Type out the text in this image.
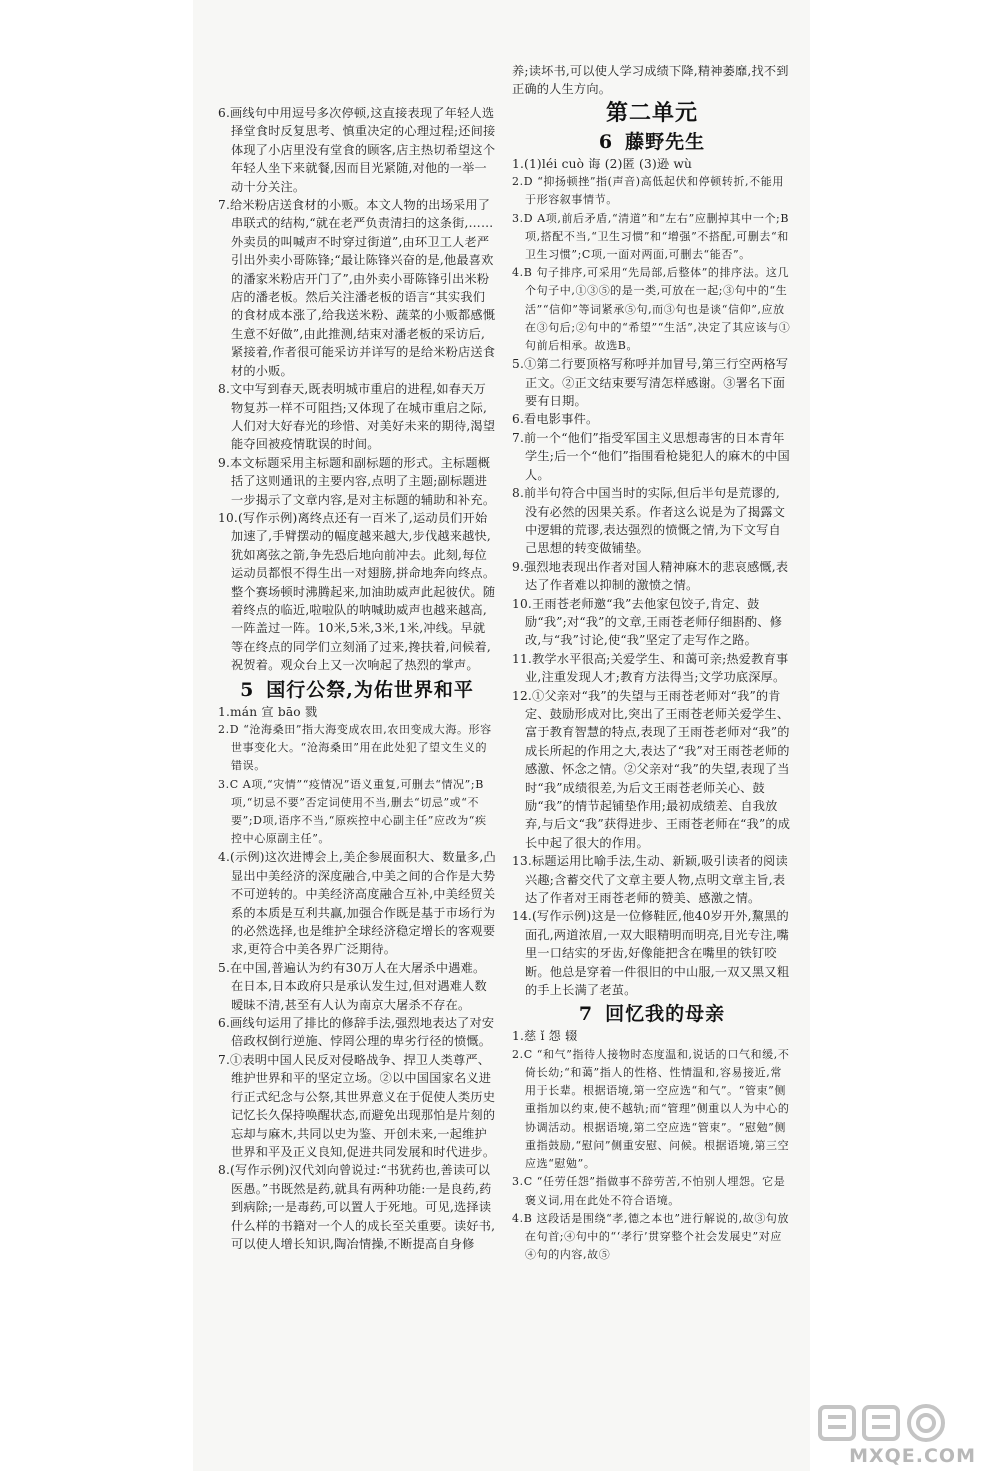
6.画线句中用逗号多次停顿,这直接表现了年轻人选择堂食时反复思考、慎重决定的心理过程;还间接体现了小店里没有堂食的顾客,店主热切希望这个年轻人坐下来就餐,因而目光紧随,对他的一举一动十分关注。
7.给米粉店送食材的小贩。本文人物的出场采用了串联式的结构,“就在老严负责清扫的这条街,……外卖员的叫喊声不时穿过街道”,由环卫工人老严引出外卖小哥陈锋;“最让陈锋兴奋的是,他最喜欢的潘家米粉店开门了”,由外卖小哥陈锋引出米粉店的潘老板。然后关注潘老板的语言“其实我们的食材成本涨了,给我送米粉、蔬菜的小贩都感慨生意不好做”,由此推测,结束对潘老板的采访后,紧接着,作者很可能采访并详写的是给米粉店送食材的小贩。
8.文中写到春天,既表明城市重启的进程,如春天万物复苏一样不可阻挡;又体现了在城市重启之际,人们对大好春光的珍惜、对美好未来的期待,渴望能夺回被疫情耽误的时间。
9.本文标题采用主标题和副标题的形式。主标题概括了这则通讯的主要内容,点明了主题;副标题进一步揭示了文章内容,是对主标题的辅助和补充。
10.(写作示例)离终点还有一百米了,运动员们开始加速了,手臂摆动的幅度越来越大,步伐越来越快,犹如离弦之箭,争先恐后地向前冲去。此刻,每位运动员都恨不得生出一对翅膀,拼命地奔向终点。整个赛场顿时沸腾起来,加油助威声此起彼伏。随着终点的临近,啦啦队的呐喊助威声也越来越高,一阵盖过一阵。10米,5米,3米,1米,冲线。早就等在终点的同学们立刻涌了过来,搀扶着,问候着,祝贺着。观众台上又一次响起了热烈的掌声。
5 国行公祭,为佑世界和平
1.mán 宣 bāo 戮
2.D “沧海桑田”指大海变成农田,农田变成大海。形容世事变化大。“沧海桑田”用在此处犯了望文生义的错误。
3.C A项,“灾情”“疫情况”语义重复,可删去“情况”;B项,“切忌不要”否定词使用不当,删去“切忌”或“不要”;D项,语序不当,“原疾控中心副主任”应改为“疾控中心原副主任”。
4.(示例)这次进博会上,美企参展面积大、数量多,凸显出中美经济的深度融合,中美之间的合作是大势不可逆转的。中美经济高度融合互补,中美经贸关系的本质是互利共赢,加强合作既是基于市场行为的必然选择,也是维护全球经济稳定增长的客观要求,更符合中美各界广泛期待。
5.在中国,普遍认为约有30万人在大屠杀中遇难。在日本,日本政府只是承认发生过,但对遇难人数暧昧不清,甚至有人认为南京大屠杀不存在。
6.画线句运用了排比的修辞手法,强烈地表达了对安倍政权倒行逆施、悖罔公理的卑劣行径的愤慨。
7.①表明中国人民反对侵略战争、捍卫人类尊严、维护世界和平的坚定立场。②以中国国家名义进行正式纪念与公祭,其世界意义在于促使人类历史记忆长久保持唤醒状态,而避免出现那怕是片刻的忘却与麻木,共同以史为鉴、开创未来,一起维护世界和平及正义良知,促进共同发展和时代进步。
8.(写作示例)汉代刘向曾说过:“书犹药也,善读可以医愚。”书既然是药,就具有两种功能:一是良药,药到病除;一是毒药,可以置人于死地。可见,选择读什么样的书籍对一个人的成长至关重要。读好书,可以使人增长知识,陶冶情操,不断提高自身修
养;读坏书,可以使人学习成绩下降,精神萎靡,找不到正确的人生方向。
第二单元
6 藤野先生
1.(1)léi cuò 诲 (2)匿 (3)逊 wù
2.D “抑扬顿挫”指(声音)高低起伏和停顿转折,不能用于形容叙事情节。
3.D A项,前后矛盾,“清道”和“左右”应删掉其中一个;B项,搭配不当,“卫生习惯”和“增强”不搭配,可删去“和卫生习惯”;C项,一面对两面,可删去“能否”。
4.B 句子排序,可采用“先局部,后整体”的排序法。这几个句子中,①③⑤的是一类,可放在一起;③句中的“生活”“信仰”等词紧承⑤句,而③句也是谈“信仰”,应放在③句后;②句中的“希望”“生活”,决定了其应该与①句前后相承。故选B。
5.①第二行要顶格写称呼并加冒号,第三行空两格写正文。②正文结束要写清怎样感谢。③署名下面要有日期。
6.看电影事件。
7.前一个“他们”指受军国主义思想毒害的日本青年学生;后一个“他们”指围看枪毙犯人的麻木的中国人。
8.前半句符合中国当时的实际,但后半句是荒谬的,没有必然的因果关系。作者这么说是为了揭露文中逻辑的荒谬,表达强烈的愤慨之情,为下文写自己思想的转变做铺垫。
9.强烈地表现出作者对国人精神麻木的悲哀感慨,表达了作者难以抑制的激愤之情。
10.王雨苍老师邀“我”去他家包饺子,肯定、鼓励“我”;对“我”的文章,王雨苍老师仔细斟酌、修改,与“我”讨论,使“我”坚定了走写作之路。
11.教学水平很高;关爱学生、和蔼可亲;热爱教育事业,注重发现人才;教育方法得当;文学功底深厚。
12.①父亲对“我”的失望与王雨苍老师对“我”的肯定、鼓励形成对比,突出了王雨苍老师关爱学生、富于教育智慧的特点,表现了王雨苍老师对“我”的成长所起的作用之大,表达了“我”对王雨苍老师的感激、怀念之情。②父亲对“我”的失望,表现了当时“我”成绩很差,为后文王雨苍老师关心、鼓励“我”的情节起铺垫作用;最初成绩差、自我放弃,与后文“我”获得进步、王雨苍老师在“我”的成长中起了很大的作用。
13.标题运用比喻手法,生动、新颖,吸引读者的阅读兴趣;含蓄交代了文章主要人物,点明文章主旨,表达了作者对王雨苍老师的赞美、感激之情。
14.(写作示例)这是一位修鞋匠,他40岁开外,黧黑的面孔,两道浓眉,一双大眼精明而明亮,目光专注,嘴里一口结实的牙齿,好像能把含在嘴里的铁钉咬断。他总是穿着一件很旧的中山服,一双又黑又粗的手上长满了老茧。
7 回忆我的母亲
1.慈 ǐ 怨 辍
2.C “和气”指待人接物时态度温和,说话的口气和缓,不倚长幼;“和蔼”指人的性格、性情温和,容易接近,常用于长辈。根据语境,第一空应选“和气”。“管束”侧重指加以约束,使不越轨;而“管理”侧重以人为中心的协调活动。根据语境,第二空应选“管束”。“慰勉”侧重指鼓励,“慰问”侧重安慰、问候。根据语境,第三空应选“慰勉”。
3.C “任劳任怨”指做事不辞劳苦,不怕别人埋怨。它是褒义词,用在此处不符合语境。
4.B 这段话是围绕“孝,德之本也”进行解说的,故③句放在句首;④句中的“‘孝行’贯穿整个社会发展史”对应④句的内容,故⑤
MXQE.COM
